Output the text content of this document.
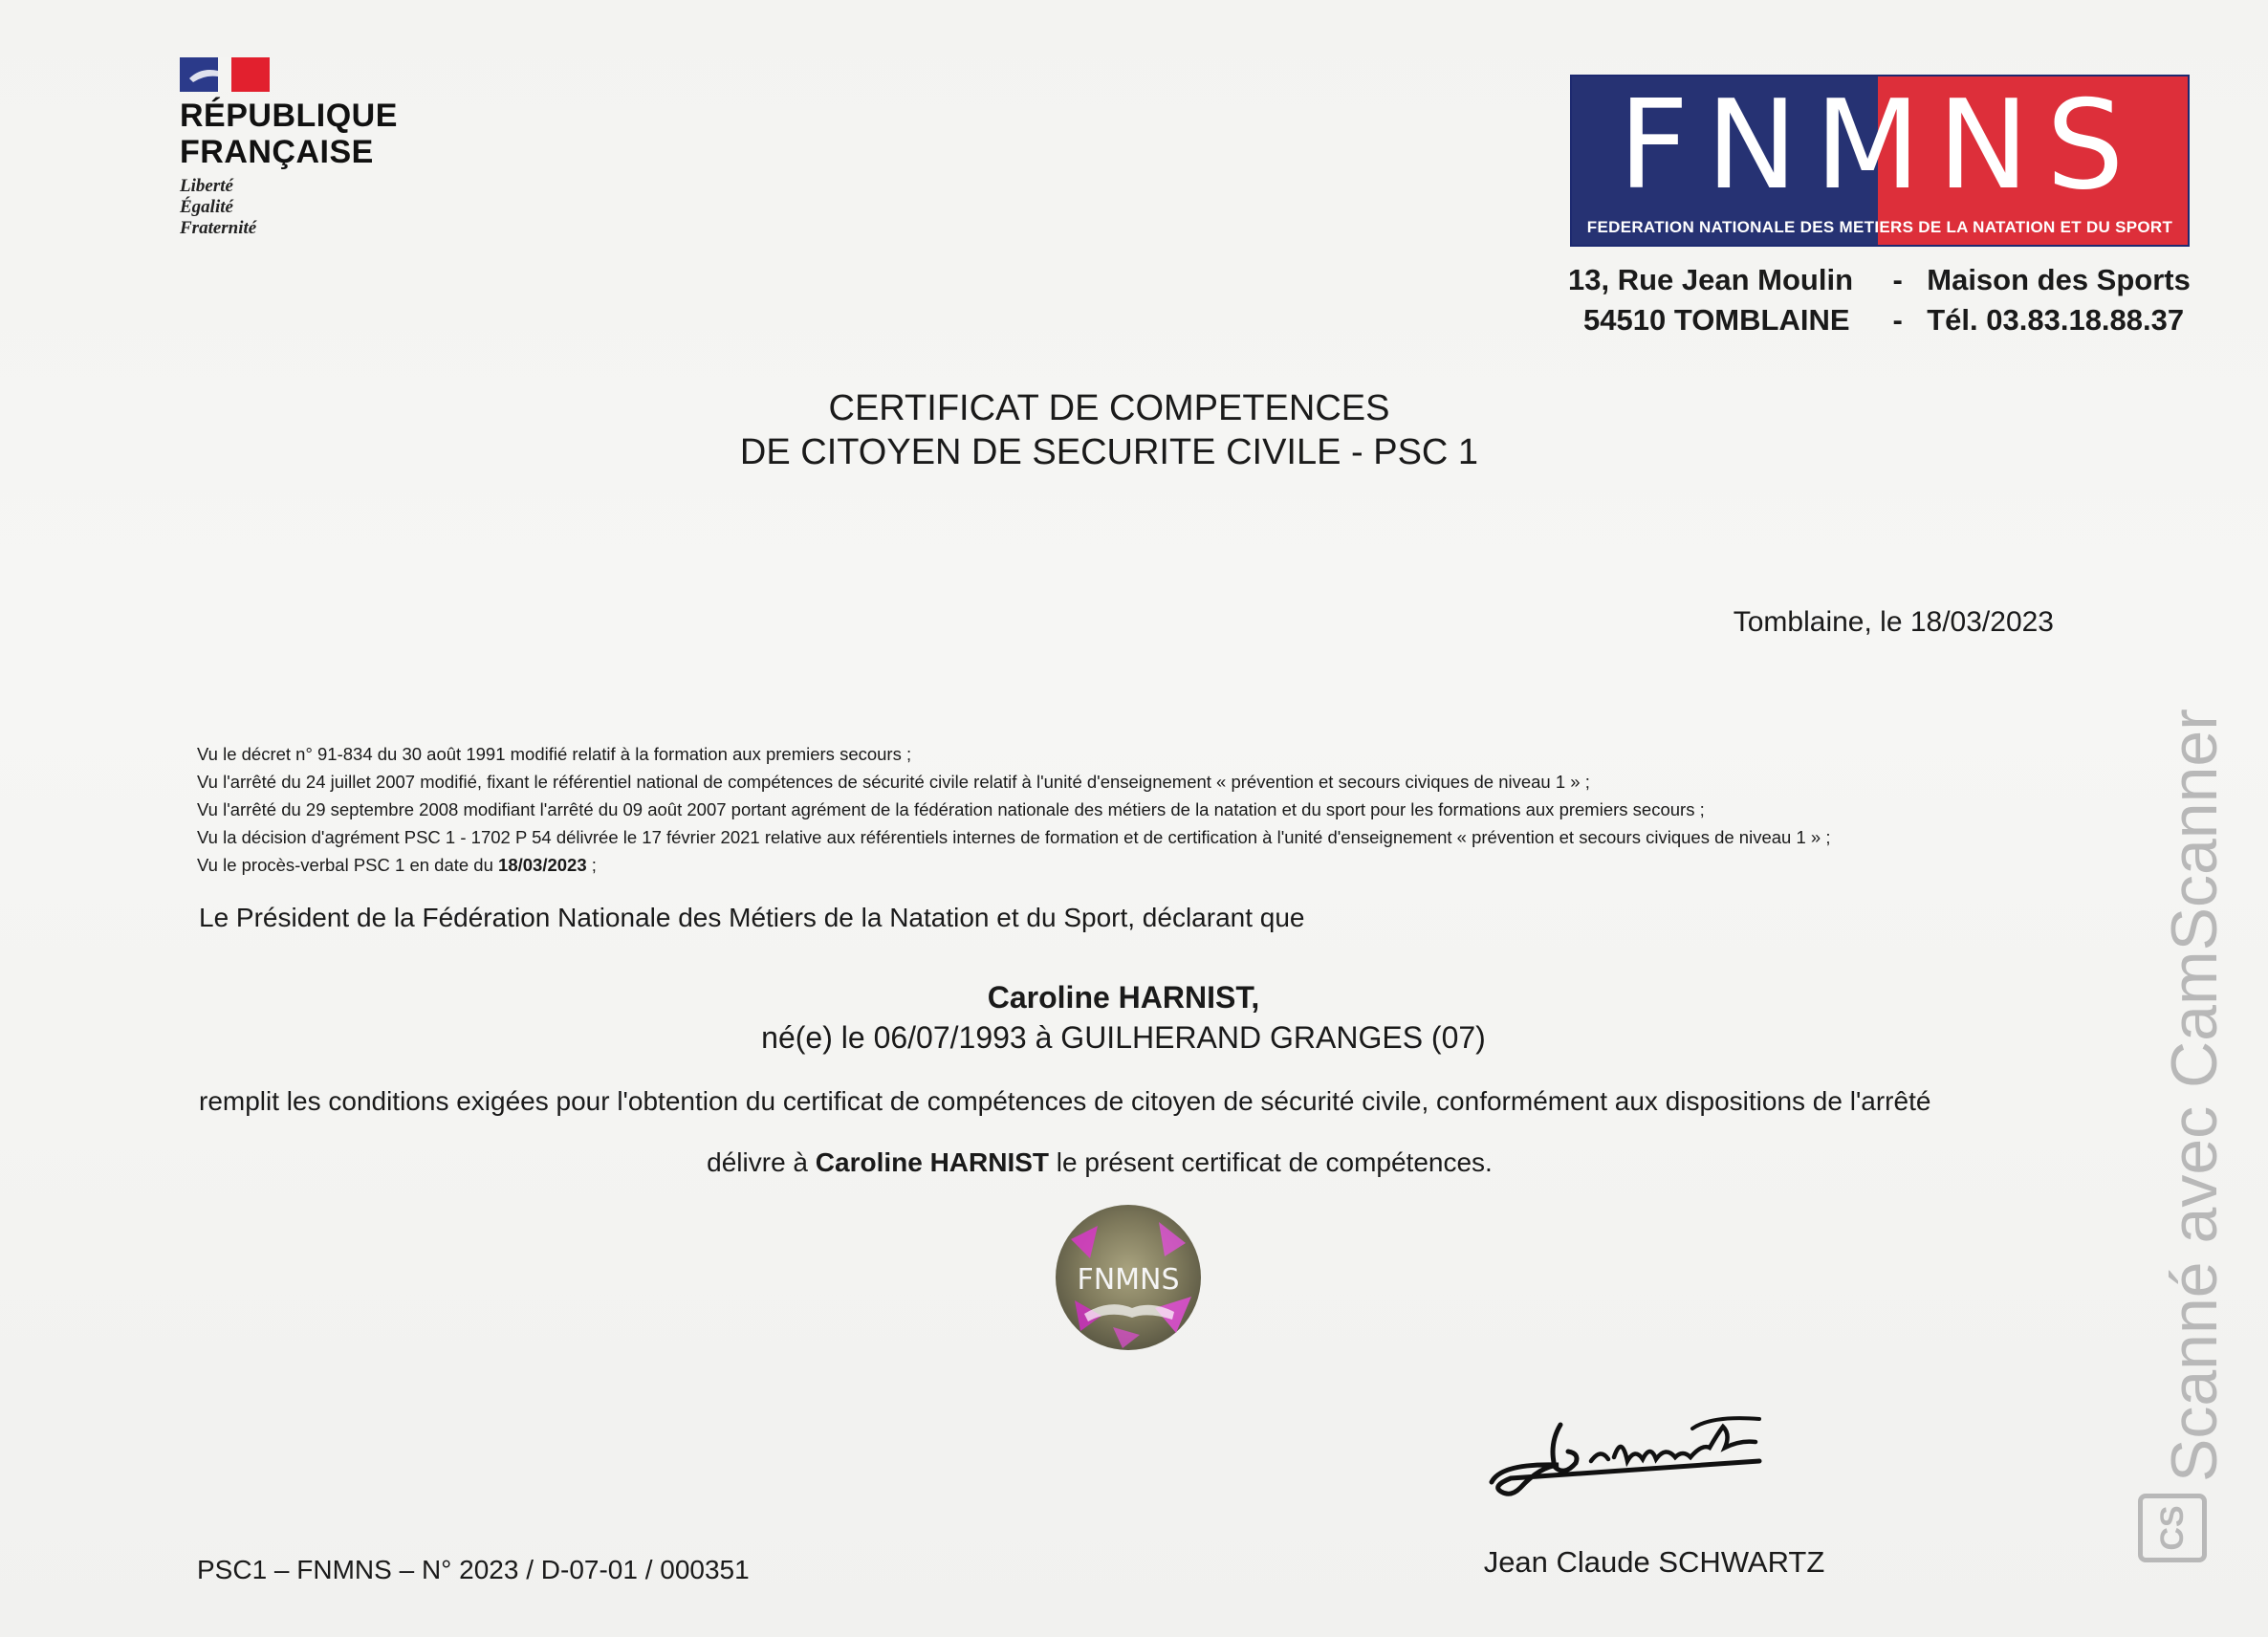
RÉPUBLIQUE
FRANÇAISE
Liberté
Égalité
Fraternité
FNMNS
FEDERATION NATIONALE DES METIERS DE LA NATATION ET DU SPORT
13, Rue Jean Moulin - Maison des Sports
54510 TOMBLAINE - Tél. 03.83.18.88.37
CERTIFICAT DE COMPETENCES
DE CITOYEN DE SECURITE CIVILE - PSC 1
Tomblaine, le 18/03/2023
Vu le décret n° 91-834 du 30 août 1991 modifié relatif à la formation aux premiers secours ;
Vu l'arrêté du 24 juillet 2007 modifié, fixant le référentiel national de compétences de sécurité civile relatif à l'unité d'enseignement « prévention et secours civiques de niveau 1 » ;
Vu l'arrêté du 29 septembre 2008 modifiant l'arrêté du 09 août 2007 portant agrément de la fédération nationale des métiers de la natation et du sport pour les formations aux premiers secours ;
Vu la décision d'agrément PSC 1 - 1702 P 54 délivrée le 17 février 2021 relative aux référentiels internes de formation et de certification à l'unité d'enseignement « prévention et secours civiques de niveau 1 » ;
Vu le procès-verbal PSC 1 en date du 18/03/2023 ;
Le Président de la Fédération Nationale des Métiers de la Natation et du Sport, déclarant que
Caroline HARNIST,
né(e) le 06/07/1993 à GUILHERAND GRANGES (07)
remplit les conditions exigées pour l'obtention du certificat de compétences de citoyen de sécurité civile, conformément aux dispositions de l'arrêté
délivre à Caroline HARNIST le présent certificat de compétences.
FNMNS
Jean Claude SCHWARTZ
PSC1 – FNMNS – N° 2023 / D-07-01 / 000351
Scanné avec CamScanner
CS
